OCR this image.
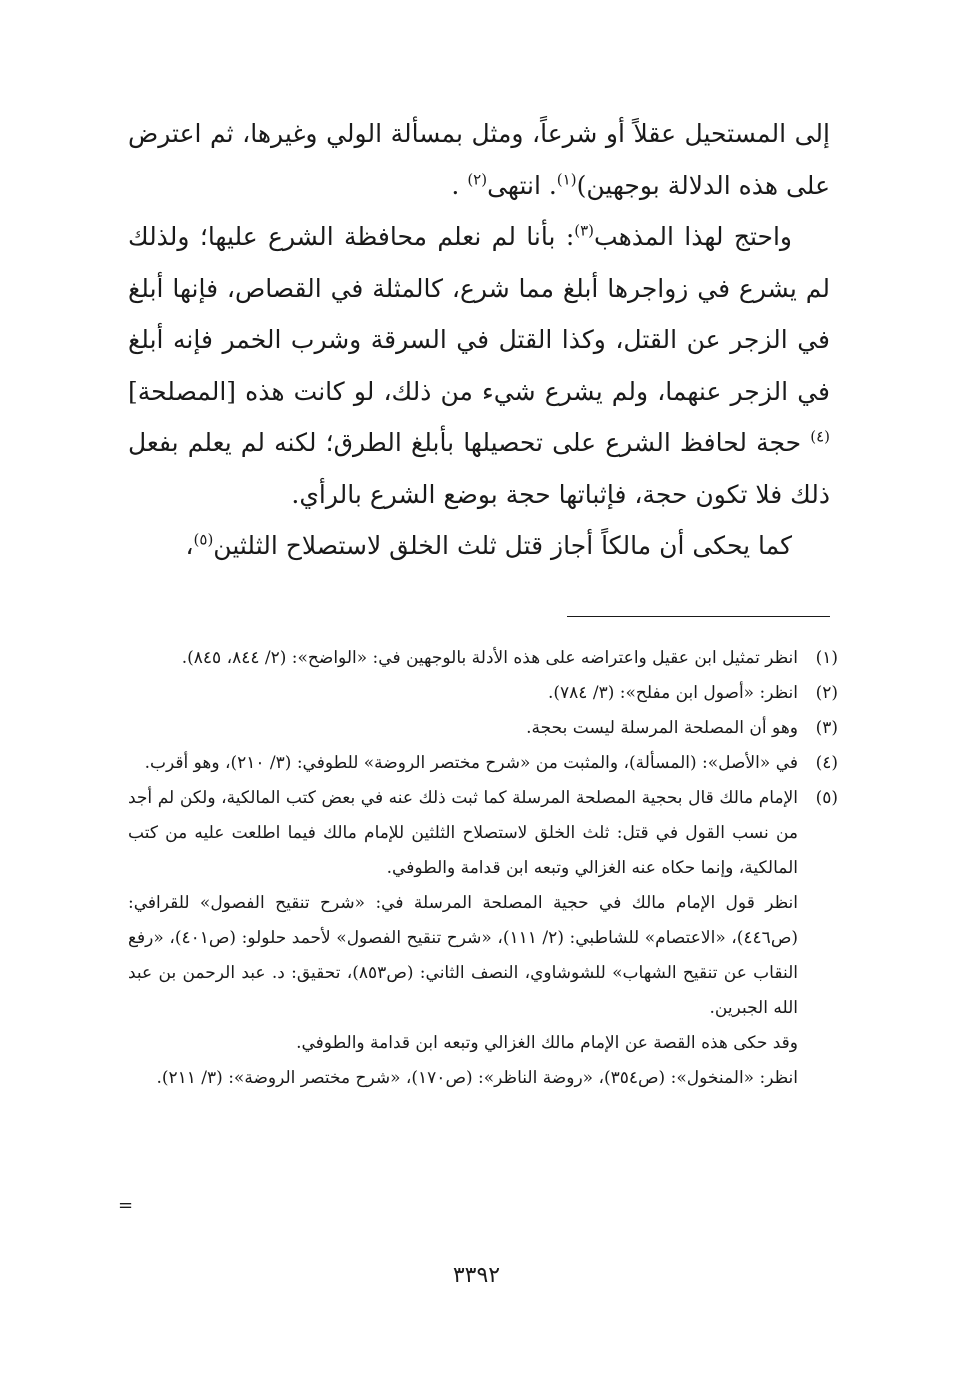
إلى المستحيل عقلاً أو شرعاً، ومثل بمسألة الولي وغيرها، ثم اعترض على هذه الدلالة بوجهين)$^{(١)}$. انتهى$^{(٢)}$ .

واحتج لهذا المذهب$^{(٣)}$: بأنا لم نعلم محافظة الشرع عليها؛ ولذلك لم يشرع في زواجرها أبلغ مما شرع، كالمثلة في القصاص، فإنها أبلغ في الزجر عن القتل، وكذا القتل في السرقة وشرب الخمر فإنه أبلغ في الزجر عنهما، ولم يشرع شيء من ذلك، لو كانت هذه [المصلحة]$^{(٤)}$ حجة لحافظ الشرع على تحصيلها بأبلغ الطرق؛ لكنه لم يعلم بفعل ذلك فلا تكون حجة، فإثباتها حجة بوضع الشرع بالرأي.

كما يحكى أن مالكاً أجاز قتل ثلث الخلق لاستصلاح الثلثين$^{(٥)}$،

(١)
انظر تمثيل ابن عقيل واعتراضه على هذه الأدلة بالوجهين في: «الواضح»: (٢/ ٨٤٤، ٨٤٥).
(٢)
انظر: «أصول ابن مفلح»: (٣/ ٧٨٤).
(٣)
وهو أن المصلحة المرسلة ليست بحجة.
(٤)
في «الأصل»: (المسألة)، والمثبت من «شرح مختصر الروضة» للطوفي: (٣/ ٢١٠)، وهو أقرب.
(٥)

الإمام مالك قال بحجية المصلحة المرسلة كما ثبت ذلك عنه في بعض كتب المالكية، ولكن لم أجد من نسب القول في قتل: ثلث الخلق لاستصلاح الثلثين للإمام مالك فيما اطلعت عليه من كتب المالكية، وإنما حكاه عنه الغزالي وتبعه ابن قدامة والطوفي.

انظر قول الإمام مالك في حجية المصلحة المرسلة في: «شرح تنقيح الفصول» للقرافي: (ص٤٤٦)، «الاعتصام» للشاطبي: (٢/ ١١١)، «شرح تنقيح الفصول» لأحمد حلولو: (ص٤٠١)، «رفع النقاب عن تنقيح الشهاب» للشوشاوي، النصف الثاني: (ص٨٥٣)، تحقيق: د. عبد الرحمن بن عبد الله الجبرين.

وقد حكى هذه القصة عن الإمام مالك الغزالي وتبعه ابن قدامة والطوفي.

انظر: «المنخول»: (ص٣٥٤)، «روضة الناظر»: (ص١٧٠)، «شرح مختصر الروضة»: (٣/ ٢١١).

=
٣٣٩٢
